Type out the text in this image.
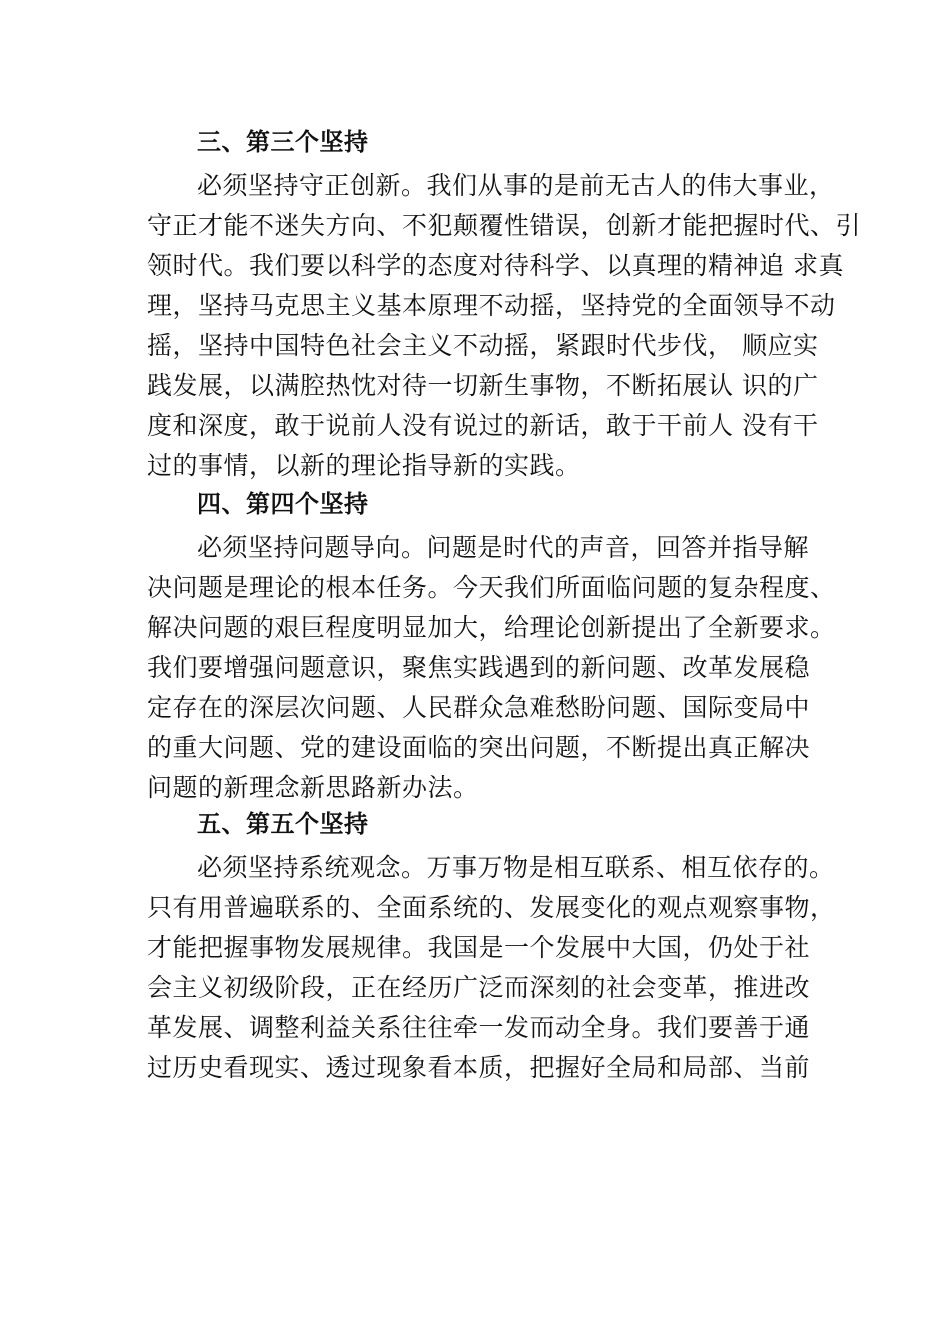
三、第三个坚持
必须坚持守正创新。我们从事的是前无古人的伟大事业，
守正才能不迷失方向、不犯颠覆性错误，创新才能把握时代、引
领时代。我们要以科学的态度对待科学、以真理的精神追 求真
理，坚持马克思主义基本原理不动摇，坚持党的全面领导不动
摇，坚持中国特色社会主义不动摇，紧跟时代步伐， 顺应实
践发展，以满腔热忱对待一切新生事物，不断拓展认 识的广
度和深度，敢于说前人没有说过的新话，敢于干前人 没有干
过的事情，以新的理论指导新的实践。
四、第四个坚持
必须坚持问题导向。问题是时代的声音，回答并指导解
决问题是理论的根本任务。今天我们所面临问题的复杂程度、
解决问题的艰巨程度明显加大，给理论创新提出了全新要求。
我们要增强问题意识，聚焦实践遇到的新问题、改革发展稳
定存在的深层次问题、人民群众急难愁盼问题、国际变局中
的重大问题、党的建设面临的突出问题，不断提出真正解决
问题的新理念新思路新办法。
五、第五个坚持
必须坚持系统观念。万事万物是相互联系、相互依存的。
只有用普遍联系的、全面系统的、发展变化的观点观察事物，
才能把握事物发展规律。我国是一个发展中大国，仍处于社
会主义初级阶段，正在经历广泛而深刻的社会变革，推进改
革发展、调整利益关系往往牵一发而动全身。我们要善于通
过历史看现实、透过现象看本质，把握好全局和局部、当前
